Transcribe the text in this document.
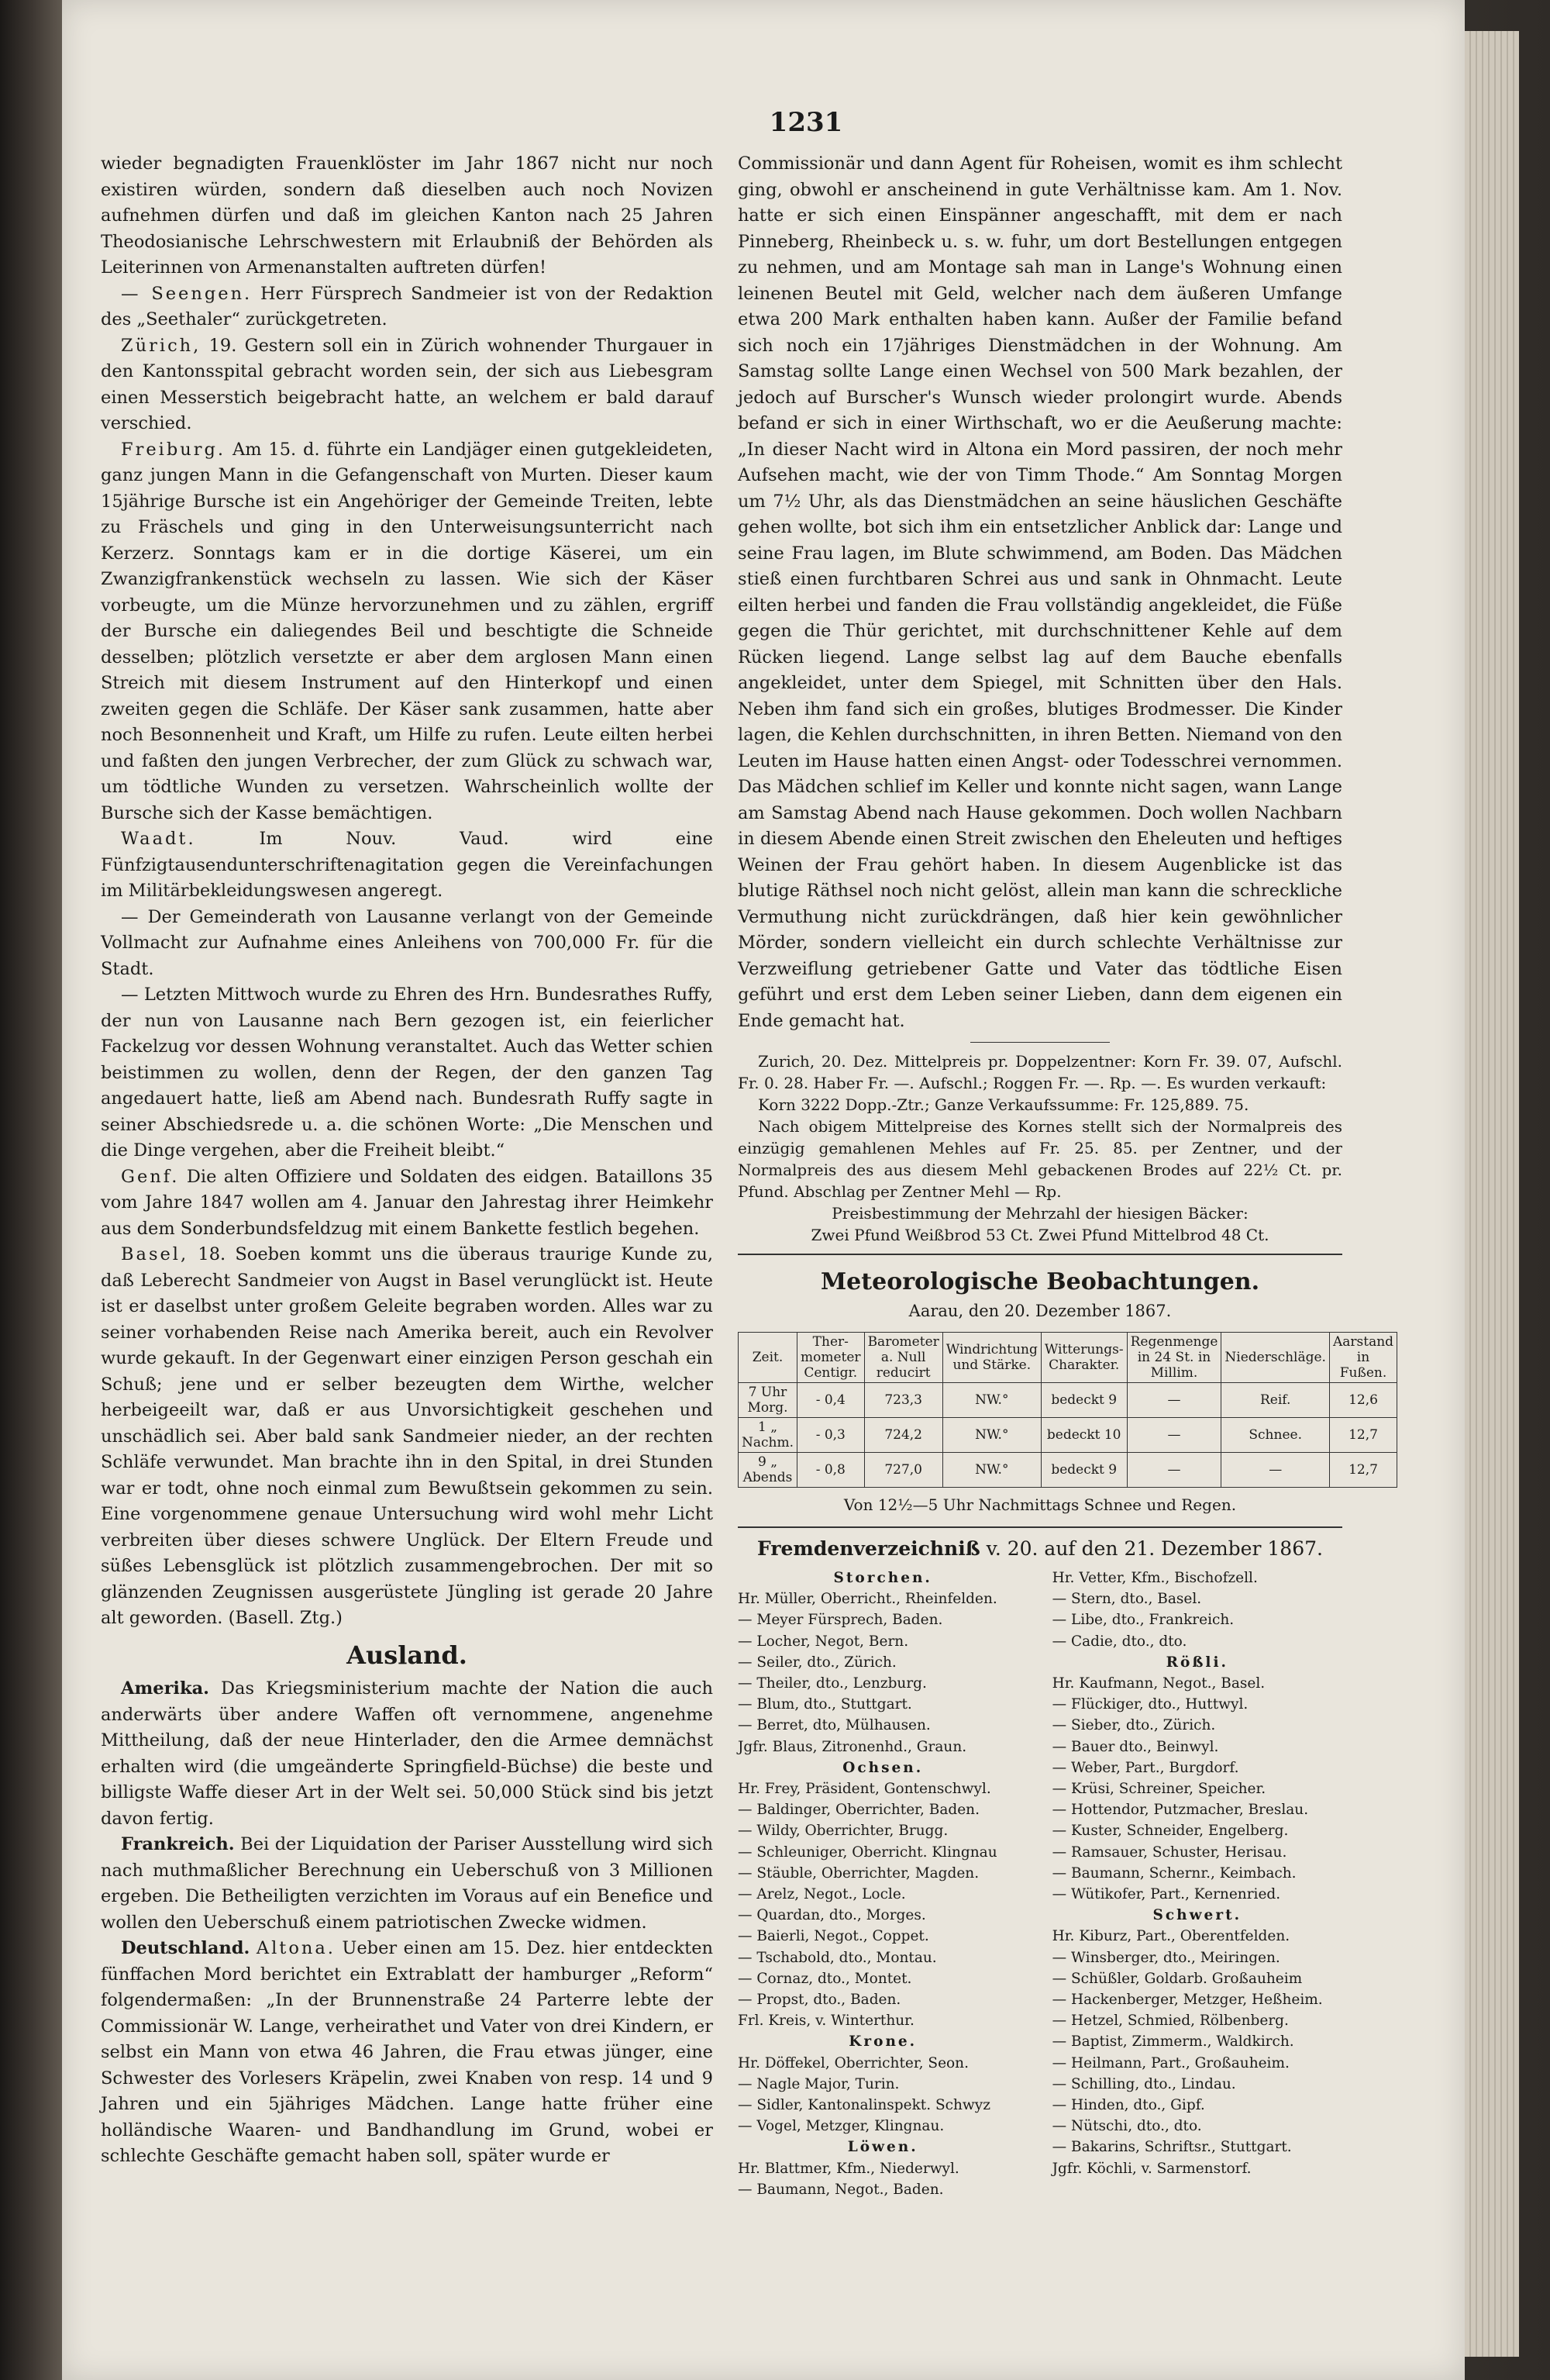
1231

wieder begnadigten Frauenklöster im Jahr 1867 nicht nur noch existiren würden, sondern daß dieselben auch noch Novizen aufnehmen dürfen und daß im gleichen Kanton nach 25 Jahren Theodosianische Lehrschwestern mit Erlaubniß der Behörden als Leiterinnen von Armenanstalten auftreten dürfen!

— Seengen. Herr Fürsprech Sandmeier ist von der Redaktion des „Seethaler“ zurückgetreten.

Zürich, 19. Gestern soll ein in Zürich wohnender Thurgauer in den Kantonsspital gebracht worden sein, der sich aus Liebesgram einen Messerstich beigebracht hatte, an welchem er bald darauf verschied.

Freiburg. Am 15. d. führte ein Landjäger einen gutgekleideten, ganz jungen Mann in die Gefangenschaft von Murten. Dieser kaum 15jährige Bursche ist ein Angehöriger der Gemeinde Treiten, lebte zu Fräschels und ging in den Unterweisungsunterricht nach Kerzerz. Sonntags kam er in die dortige Käserei, um ein Zwanzigfrankenstück wechseln zu lassen. Wie sich der Käser vorbeugte, um die Münze hervorzunehmen und zu zählen, ergriff der Bursche ein daliegendes Beil und beschtigte die Schneide desselben; plötzlich versetzte er aber dem arglosen Mann einen Streich mit diesem Instrument auf den Hinterkopf und einen zweiten gegen die Schläfe. Der Käser sank zusammen, hatte aber noch Besonnenheit und Kraft, um Hilfe zu rufen. Leute eilten herbei und faßten den jungen Verbrecher, der zum Glück zu schwach war, um tödtliche Wunden zu versetzen. Wahrscheinlich wollte der Bursche sich der Kasse bemächtigen.

Waadt.	Im Nouv. Vaud. wird eine Fünfzigtausendunterschriftenagitation gegen die Vereinfachungen im Militärbekleidungswesen angeregt.

— Der Gemeinderath von Lausanne verlangt von der Gemeinde Vollmacht zur Aufnahme eines Anleihens von 700,000 Fr. für die Stadt.

— Letzten Mittwoch wurde zu Ehren des Hrn. Bundesrathes Ruffy, der nun von Lausanne nach Bern gezogen ist, ein feierlicher Fackelzug vor dessen Wohnung veranstaltet. Auch das Wetter schien beistimmen zu wollen, denn der Regen, der den ganzen Tag angedauert hatte, ließ am Abend nach. Bundesrath Ruffy sagte in seiner Abschiedsrede u. a. die schönen Worte: „Die Menschen und die Dinge vergehen, aber die Freiheit bleibt.“

Genf. Die alten Offiziere und Soldaten des eidgen. Bataillons 35 vom Jahre 1847 wollen am 4. Januar den Jahrestag ihrer Heimkehr aus dem Sonderbundsfeldzug mit einem Bankette festlich begehen.

Basel, 18. Soeben kommt uns die überaus traurige Kunde zu, daß Leberecht Sandmeier von Augst in Basel verunglückt ist. Heute ist er daselbst unter großem Geleite begraben worden. Alles war zu seiner vorhabenden Reise nach Amerika bereit, auch ein Revolver wurde gekauft. In der Gegenwart einer einzigen Person geschah ein Schuß; jene und er selber bezeugten dem Wirthe, welcher herbeigeeilt war, daß er aus Unvorsichtigkeit geschehen und unschädlich sei. Aber bald sank Sandmeier nieder, an der rechten Schläfe verwundet. Man brachte ihn in den Spital, in drei Stunden war er todt, ohne noch einmal zum Bewußtsein gekommen zu sein. Eine vorgenommene genaue Untersuchung wird wohl mehr Licht verbreiten über dieses schwere Unglück. Der Eltern Freude und süßes Lebensglück ist plötzlich zusammengebrochen. Der mit so glänzenden Zeugnissen ausgerüstete Jüngling ist gerade 20 Jahre alt geworden. (Basell. Ztg.)

Ausland.

Amerika. Das Kriegsministerium machte der Nation die auch anderwärts über andere Waffen oft vernommene, angenehme Mittheilung, daß der neue Hinterlader, den die Armee demnächst erhalten wird (die umgeänderte Springfield-Büchse) die beste und billigste Waffe dieser Art in der Welt sei. 50,000 Stück sind bis jetzt davon fertig.

Frankreich. Bei der Liquidation der Pariser Ausstellung wird sich nach muthmaßlicher Berechnung ein Ueberschuß von 3 Millionen ergeben. Die Betheiligten verzichten im Voraus auf ein Benefice und wollen den Ueberschuß einem patriotischen Zwecke widmen.

Deutschland. Altona. Ueber einen am 15. Dez. hier entdeckten fünffachen Mord berichtet ein Extrablatt der hamburger „Reform“ folgendermaßen: „In der Brunnenstraße 24 Parterre lebte der Commissionär W. Lange, verheirathet und Vater von drei Kindern, er selbst ein Mann von etwa 46 Jahren, die Frau etwas jünger, eine Schwester des Vorlesers Kräpelin, zwei Knaben von resp. 14 und 9 Jahren und ein 5jähriges Mädchen. Lange hatte früher eine holländische Waaren- und Bandhandlung im Grund, wobei er schlechte Geschäfte gemacht haben soll, später wurde er

Commissionär und dann Agent für Roheisen, womit es ihm schlecht ging, obwohl er anscheinend in gute Verhältnisse kam. Am 1. Nov. hatte er sich einen Einspänner angeschafft, mit dem er nach Pinneberg, Rheinbeck u. s. w. fuhr, um dort Bestellungen entgegen zu nehmen, und am Montage sah man in Lange's Wohnung einen leinenen Beutel mit Geld, welcher nach dem äußeren Umfange etwa 200 Mark enthalten haben kann. Außer der Familie befand sich noch ein 17jähriges Dienstmädchen in der Wohnung. Am Samstag sollte Lange einen Wechsel von 500 Mark bezahlen, der jedoch auf Burscher's Wunsch wieder prolongirt wurde. Abends befand er sich in einer Wirthschaft, wo er die Aeußerung machte: „In dieser Nacht wird in Altona ein Mord passiren, der noch mehr Aufsehen macht, wie der von Timm Thode.“ Am Sonntag Morgen um 7½ Uhr, als das Dienstmädchen an seine häuslichen Geschäfte gehen wollte, bot sich ihm ein entsetzlicher Anblick dar: Lange und seine Frau lagen, im Blute schwimmend, am Boden. Das Mädchen stieß einen furchtbaren Schrei aus und sank in Ohnmacht. Leute eilten herbei und fanden die Frau vollständig angekleidet, die Füße gegen die Thür gerichtet, mit durchschnittener Kehle auf dem Rücken liegend. Lange selbst lag auf dem Bauche ebenfalls angekleidet, unter dem Spiegel, mit Schnitten über den Hals. Neben ihm fand sich ein großes, blutiges Brodmesser. Die Kinder lagen, die Kehlen durchschnitten, in ihren Betten. Niemand von den Leuten im Hause hatten einen Angst- oder Todesschrei vernommen. Das Mädchen schlief im Keller und konnte nicht sagen, wann Lange am Samstag Abend nach Hause gekommen. Doch wollen Nachbarn in diesem Abende einen Streit zwischen den Eheleuten und heftiges Weinen der Frau gehört haben. In diesem Augenblicke ist das blutige Räthsel noch nicht gelöst, allein man kann die schreckliche Vermuthung nicht zurückdrängen, daß hier kein gewöhnlicher Mörder, sondern vielleicht ein durch schlechte Verhältnisse zur Verzweiflung getriebener Gatte und Vater das tödtliche Eisen geführt und erst dem Leben seiner Lieben, dann dem eigenen ein Ende gemacht hat.

Zurich, 20. Dez. Mittelpreis pr. Doppelzentner: Korn Fr. 39. 07, Aufschl. Fr. 0. 28. Haber Fr. —. Aufschl.; Roggen Fr. —. Rp. —. Es wurden verkauft:

Korn 3222 Dopp.-Ztr.; Ganze Verkaufssumme: Fr. 125,889. 75.

Nach obigem Mittelpreise des Kornes stellt sich der Normalpreis des einzügig gemahlenen Mehles auf Fr. 25. 85. per Zentner, und der Normalpreis des aus diesem Mehl gebackenen Brodes auf 22½ Ct. pr. Pfund. Abschlag per Zentner Mehl — Rp.

Preisbestimmung der Mehrzahl der hiesigen Bäcker:

Zwei Pfund Weißbrod 53 Ct. Zwei Pfund Mittelbrod 48 Ct.

Meteorologische Beobachtungen.
Aarau, den 20. Dezember 1867.
Zeit.	Ther-mometer Centigr.	Barometer a. Null reducirt	Windrichtung und Stärke.	Witterungs-Charakter.	Regenmenge in 24 St. in Millim.	Niederschläge.	Aarstand in Fußen.
7 Uhr Morg.	- 0,4	723,3	NW.°	bedeckt 9	—	Reif.	12,6
1 „ Nachm.	- 0,3	724,2	NW.°	bedeckt 10	—	Schnee.	12,7
9 „ Abends	- 0,8	727,0	NW.°	bedeckt 9	—	—	12,7
Von 12½—5 Uhr Nachmittags Schnee und Regen.
Fremdenverzeichniß v. 20. auf den 21. Dezember 1867.
Storchen.
Hr. Müller, Oberricht., Rheinfelden.
— Meyer Fürsprech, Baden.
— Locher, Negot, Bern.
— Seiler, dto., Zürich.
— Theiler, dto., Lenzburg.
— Blum, dto., Stuttgart.
— Berret, dto, Mülhausen.
Jgfr. Blaus, Zitronenhd., Graun.
Ochsen.
Hr. Frey, Präsident, Gontenschwyl.
— Baldinger, Oberrichter, Baden.
— Wildy, Oberrichter, Brugg.
— Schleuniger, Oberricht. Klingnau
— Stäuble, Oberrichter, Magden.
— Arelz, Negot., Locle.
— Quardan, dto., Morges.
— Baierli, Negot., Coppet.
— Tschabold, dto., Montau.
— Cornaz, dto., Montet.
— Propst, dto., Baden.
Frl. Kreis, v. Winterthur.
Krone.
Hr. Döffekel, Oberrichter, Seon.
— Nagle Major, Turin.
— Sidler, Kantonalinspekt. Schwyz
— Vogel, Metzger, Klingnau.
Löwen.
Hr. Blattmer, Kfm., Niederwyl.
— Baumann, Negot., Baden.
Hr. Vetter, Kfm., Bischofzell.
— Stern, dto., Basel.
— Libe, dto., Frankreich.
— Cadie, dto., dto.
Rößli.
Hr. Kaufmann, Negot., Basel.
— Flückiger, dto., Huttwyl.
— Sieber, dto., Zürich.
— Bauer dto., Beinwyl.
— Weber, Part., Burgdorf.
— Krüsi, Schreiner, Speicher.
— Hottendor, Putzmacher, Breslau.
— Kuster, Schneider, Engelberg.
— Ramsauer, Schuster, Herisau.
— Baumann, Schernr., Keimbach.
— Wütikofer, Part., Kernenried.
Schwert.
Hr. Kiburz, Part., Oberentfelden.
— Winsberger, dto., Meiringen.
— Schüßler, Goldarb. Großauheim
— Hackenberger, Metzger, Heßheim.
— Hetzel, Schmied, Rölbenberg.
— Baptist, Zimmerm., Waldkirch.
— Heilmann, Part., Großauheim.
— Schilling, dto., Lindau.
— Hinden, dto., Gipf.
— Nütschi, dto., dto.
— Bakarins, Schriftsr., Stuttgart.
Jgfr. Köchli, v. Sarmenstorf.
